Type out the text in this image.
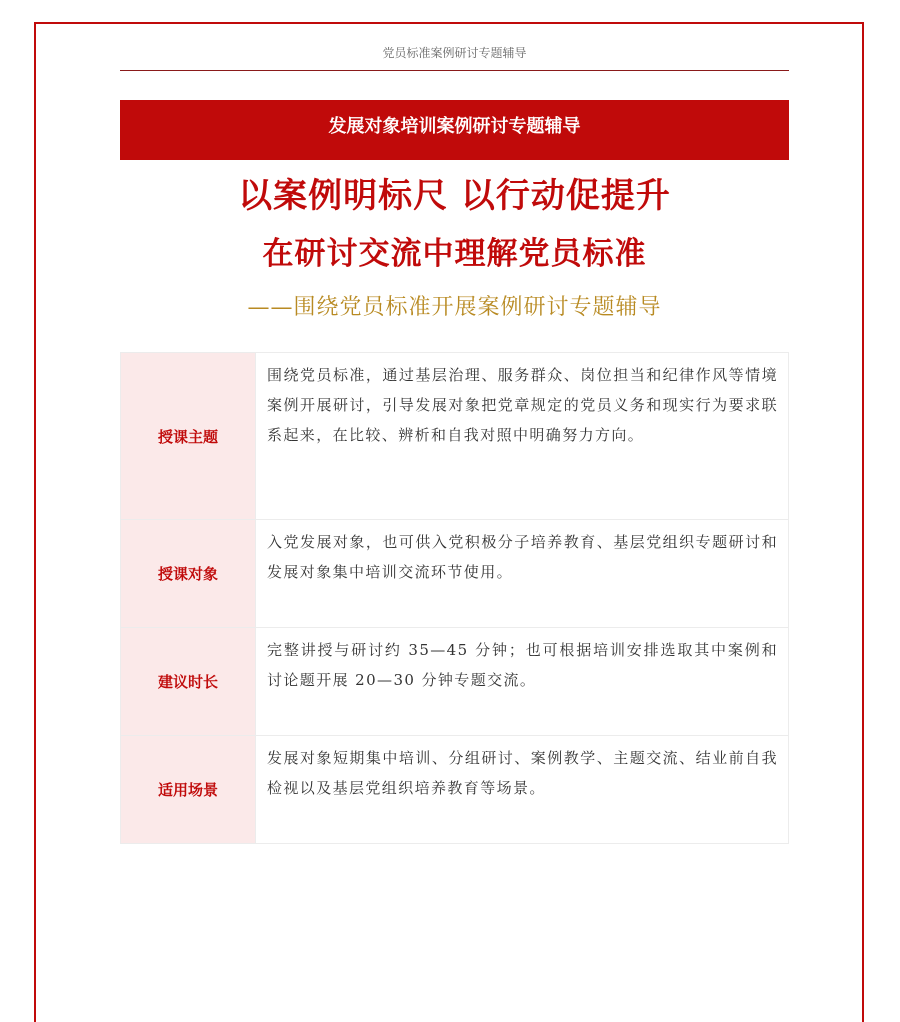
党员标准案例研讨专题辅导
发展对象培训案例研讨专题辅导
以案例明标尺 以行动促提升
在研讨交流中理解党员标准
——围绕党员标准开展案例研讨专题辅导
授课主题	围绕党员标准，通过基层治理、服务群众、岗位担当和纪律作风等情境案例开展研讨，引导发展对象把党章规定的党员义务和现实行为要求联系起来，在比较、辨析和自我对照中明确努力方向。
授课对象	入党发展对象，也可供入党积极分子培养教育、基层党组织专题研讨和发展对象集中培训交流环节使用。
建议时长	完整讲授与研讨约 35—45 分钟；也可根据培训安排选取其中案例和讨论题开展 20—30 分钟专题交流。
适用场景	发展对象短期集中培训、分组研讨、案例教学、主题交流、结业前自我检视以及基层党组织培养教育等场景。
